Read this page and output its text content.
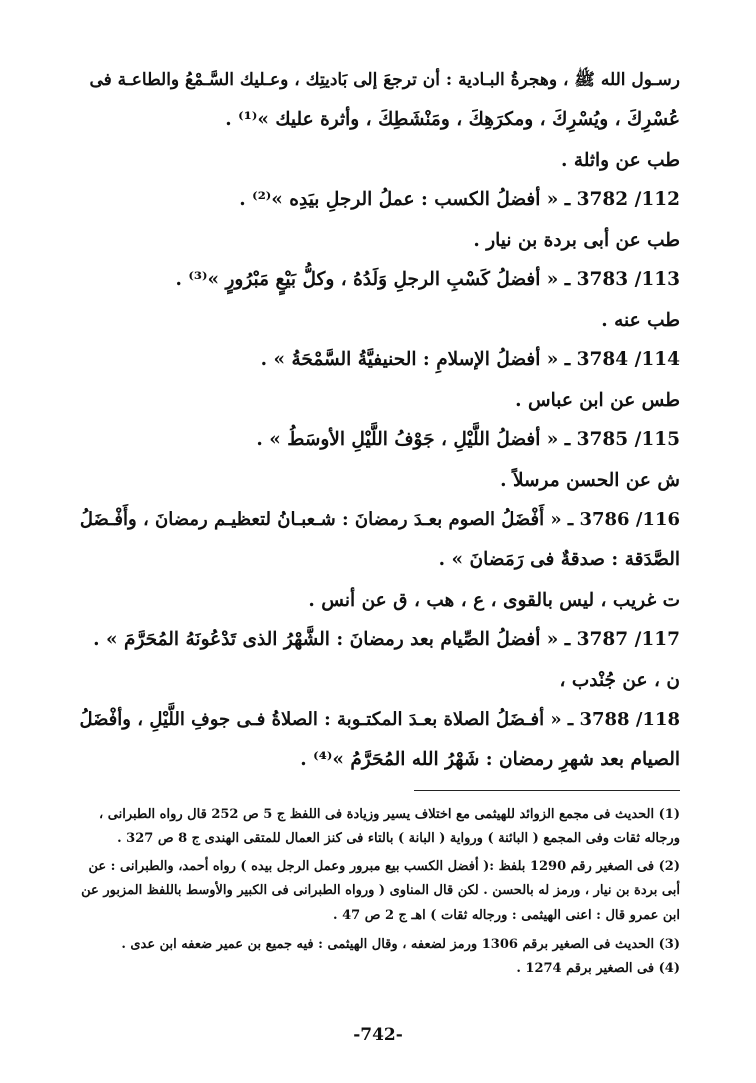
رسـول الله ﷺ ، وهجرةُ البـادية : أن ترجعَ إلى بَاديتِك ، وعـليك السَّـمْعُ والطاعـة فى
عُسْرِكَ ، ويُسْرِكَ ، ومكرَهِكَ ، ومَنْشَطِكَ ، وأثرة عليك »⁽¹⁾ .
طب عن واثلة .
112/ 3782 ـ « أفضلُ الكسب : عملُ الرجلِ بيَدِه »⁽²⁾ .
طب عن أبى بردة بن نيار .
113/ 3783 ـ « أفضلُ كَسْبِ الرجلِ وَلَدُهُ ، وكلُّ بَيْعٍ مَبْرُورٍ »⁽³⁾ .
طب عنه .
114/ 3784 ـ « أفضلُ الإسلامِ : الحنيفيَّةُ السَّمْحَةُ » .
طس عن ابن عباس .
115/ 3785 ـ « أفضلُ اللَّيْلِ ، جَوْفُ اللَّيْلِ الأوسَطُ » .
ش عن الحسن مرسلاً .
116/ 3786 ـ « أَفْضَلُ الصوم بعـدَ رمضانَ : شـعبـانُ لتعظيـم رمضانَ ، وأَفْـضَلُ
الصَّدَقة : صدقةٌ فى رَمَضانَ » .
ت غريب ، ليس بالقوى ، ع ، هب ، ق عن أنس .
117/ 3787 ـ « أفضلُ الصِّيام بعد رمضانَ : الشَّهْرُ الذى تَدْعُونَهُ المُحَرَّمَ » .
ن ، عن جُنْدب ،
118/ 3788 ـ « أفـضَلُ الصلاة بعـدَ المكتـوبة : الصلاةُ فـى جوفِ اللَّيْلِ ، وأفْضَلُ
الصيام بعد شهرِ رمضان : شَهْرُ الله المُحَرَّمُ »⁽⁴⁾ .
(1) الحديث فى مجمع الزوائد للهيثمى مع اختلاف يسير وزيادة فى اللفظ ج 5 ص 252 قال رواه الطبرانى ،
ورجاله ثقات وفى المجمع ( البائنة ) ورواية ( البانة ) بالتاء فى كنز العمال للمتقى الهندى ج 8 ص 327 .
(2) فى الصغير رقم 1290 بلفظ :( أفضل الكسب بيع مبرور وعمل الرجل بيده ) رواه أحمد، والطبرانى : عن
أبى بردة بن نيار ، ورمز له بالحسن . لكن قال المناوى ( ورواه الطبرانى فى الكبير والأوسط باللفظ المزبور عن
ابن عمرو قال : اعنى الهيثمى : ورجاله ثقات ) اهـ ج 2 ص 47 .
(3) الحديث فى الصغير برقم 1306 ورمز لضعفه ، وقال الهيثمى : فيه جميع بن عمير ضعفه ابن عدى .
(4) فى الصغير برقم 1274 .
-742-
